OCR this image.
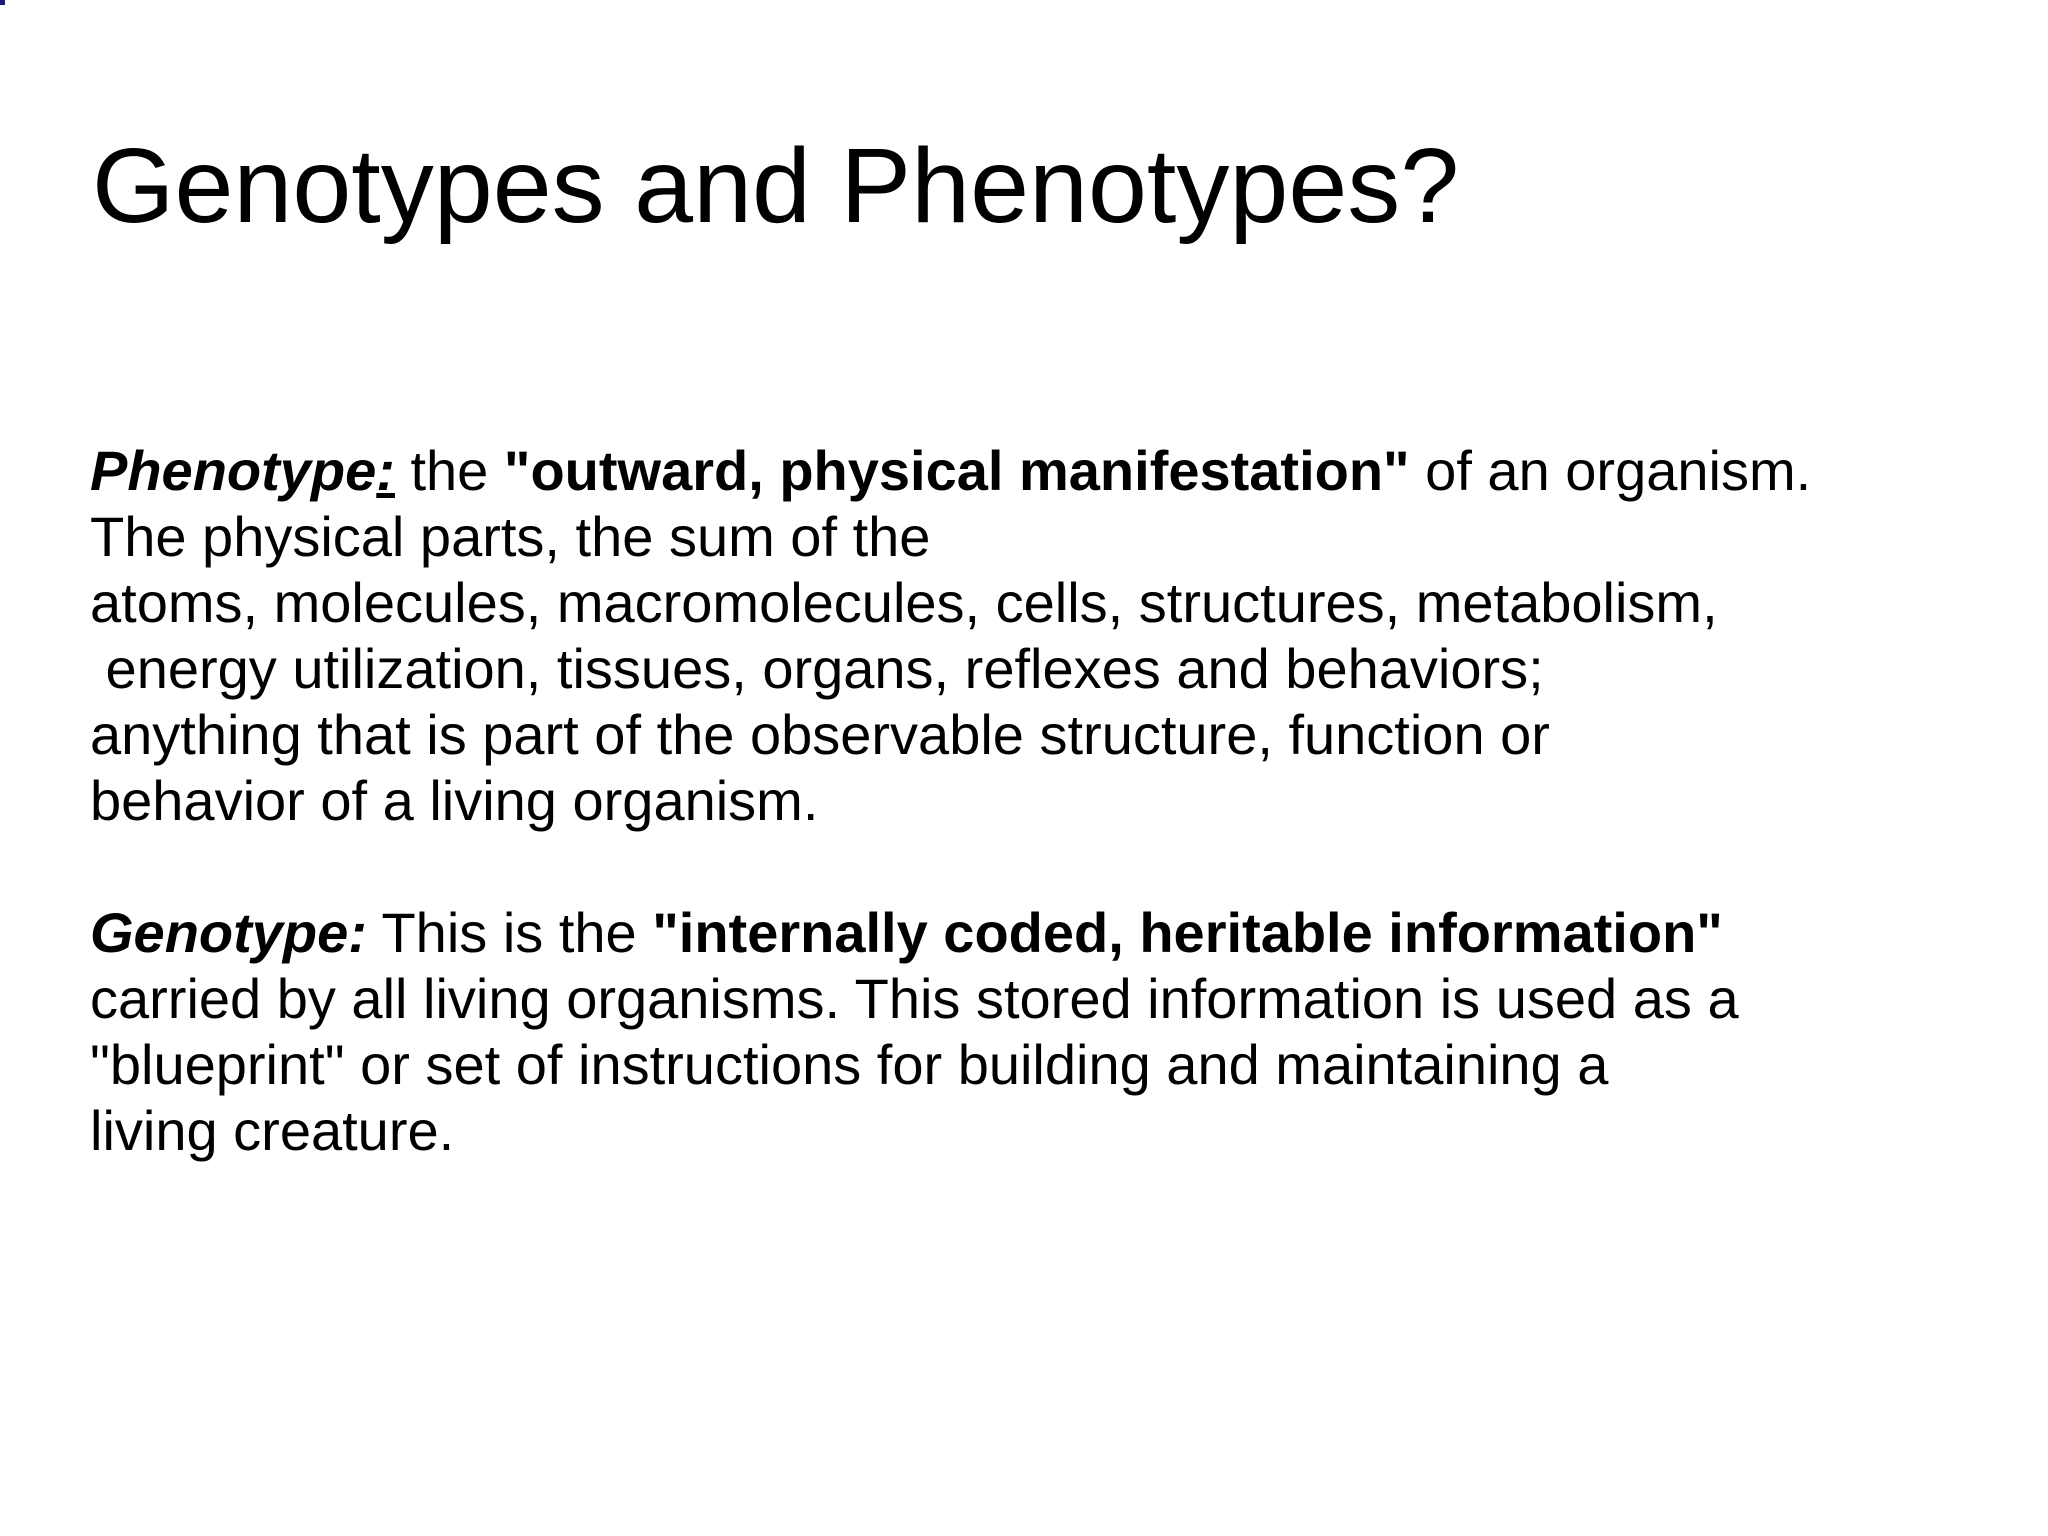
Genotypes and Phenotypes?

Phenotype: the "outward, physical manifestation" of an organism.
The physical parts, the sum of the
atoms, molecules, macromolecules, cells, structures, metabolism,
energy utilization, tissues, organs, reflexes and behaviors;
anything that is part of the observable structure, function or
behavior of a living organism.

Genotype: This is the "internally coded, heritable information"
carried by all living organisms. This stored information is used as a
"blueprint" or set of instructions for building and maintaining a
living creature.
